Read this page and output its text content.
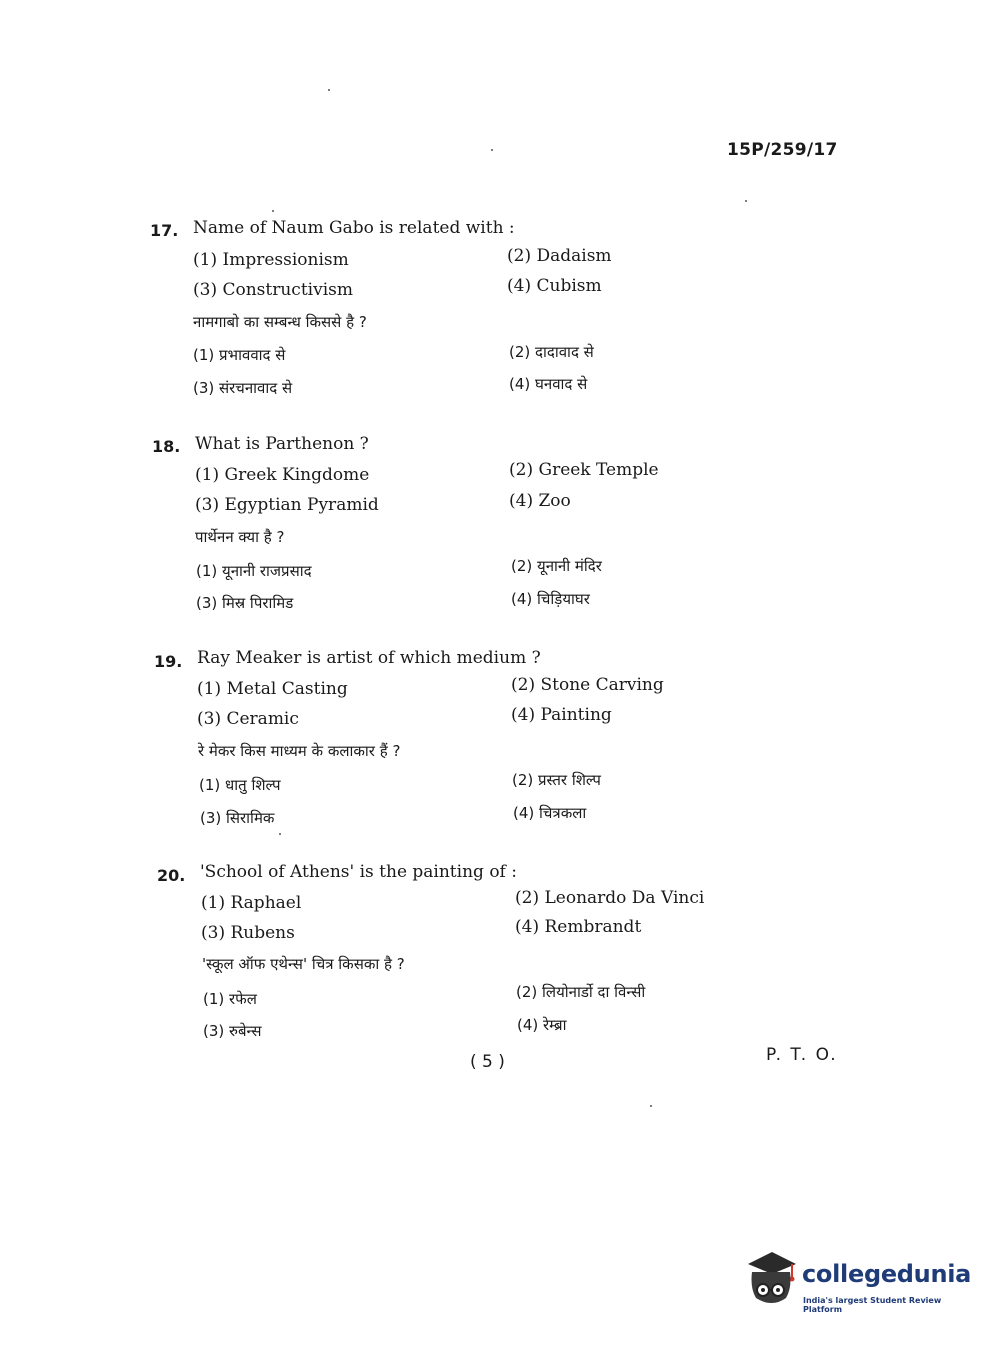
15P/259/17
17. Name of Naum Gabo is related with :
(1) Impressionism	(2) Dadaism
(3) Constructivism	(4) Cubism
नामगाबो का सम्बन्ध किससे है ?
(1) प्रभाववाद से	(2) दादावाद से
(3) संरचनावाद से	(4) घनवाद से
18. What is Parthenon ?
(1) Greek Kingdome	(2) Greek Temple
(3) Egyptian Pyramid	(4) Zoo
पार्थेनन क्या है ?
(1) यूनानी राजप्रसाद	(2) यूनानी मंदिर
(3) मिस्र पिरामिड	(4) चिड़ियाघर
19. Ray Meaker is artist of which medium ?
(1) Metal Casting	(2) Stone Carving
(3) Ceramic	(4) Painting
रे मेकर किस माध्यम के कलाकार हैं ?
(1) धातु शिल्प	(2) प्रस्तर शिल्प
(3) सिरामिक	(4) चित्रकला
20. 'School of Athens' is the painting of :
(1) Raphael	(2) Leonardo Da Vinci
(3) Rubens	(4) Rembrandt
'स्कूल ऑफ एथेन्स' चित्र किसका है ?
(1) रफेल	(2) लियोनार्डो दा विन्सी
(3) रुबेन्स	(4) रेम्ब्रा
( 5 )	P. T. O.
collegedunia
India's largest Student Review Platform
